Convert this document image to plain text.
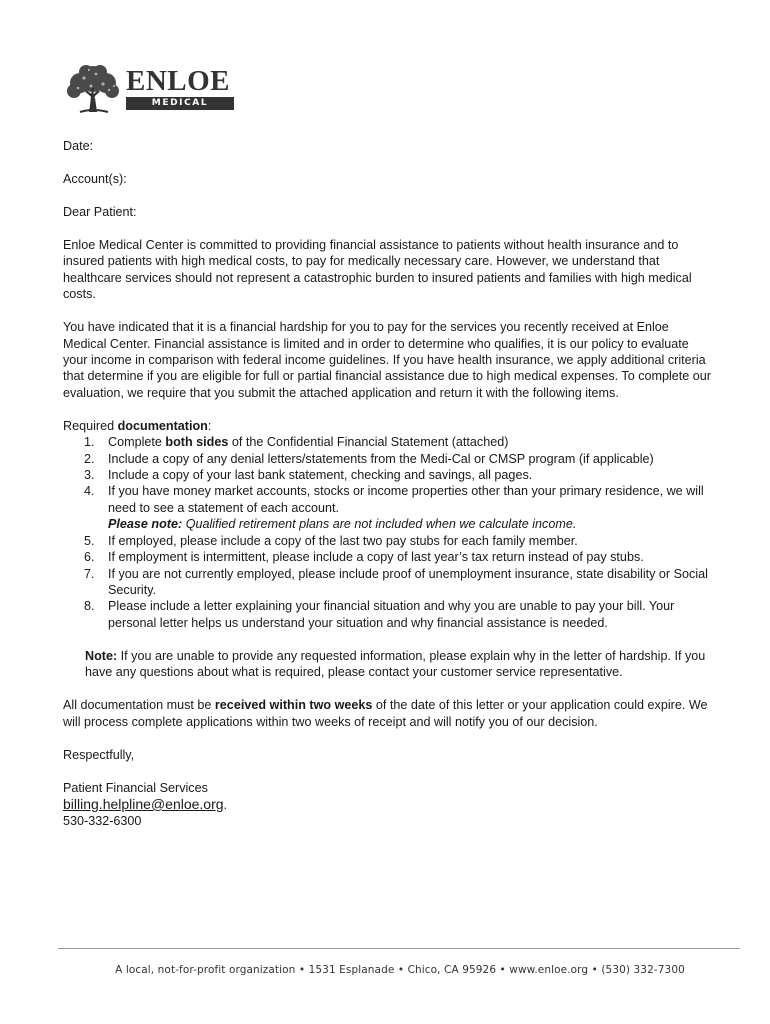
ENLOE
MEDICAL CENTER

Date:

Account(s):

Dear Patient:

Enloe Medical Center is committed to providing financial assistance to patients without health insurance and to insured patients with high medical costs, to pay for medically necessary care. However, we understand that healthcare services should not represent a catastrophic burden to insured patients and families with high medical costs.

You have indicated that it is a financial hardship for you to pay for the services you recently received at Enloe Medical Center. Financial assistance is limited and in order to determine who qualifies, it is our policy to evaluate your income in comparison with federal income guidelines. If you have health insurance, we apply additional criteria that determine if you are eligible for full or partial financial assistance due to high medical expenses. To complete our evaluation, we require that you submit the attached application and return it with the following items.

Required documentation:
1. Complete both sides of the Confidential Financial Statement (attached)
2. Include a copy of any denial letters/statements from the Medi-Cal or CMSP program (if applicable)
3. Include a copy of your last bank statement, checking and savings, all pages.
4. If you have money market accounts, stocks or income properties other than your primary residence, we will need to see a statement of each account.
Please note: Qualified retirement plans are not included when we calculate income.
5. If employed, please include a copy of the last two pay stubs for each family member.
6. If employment is intermittent, please include a copy of last year’s tax return instead of pay stubs.
7. If you are not currently employed, please include proof of unemployment insurance, state disability or Social Security.
8. Please include a letter explaining your financial situation and why you are unable to pay your bill. Your personal letter helps us understand your situation and why financial assistance is needed.

Note: If you are unable to provide any requested information, please explain why in the letter of hardship. If you have any questions about what is required, please contact your customer service representative.

All documentation must be received within two weeks of the date of this letter or your application could expire. We will process complete applications within two weeks of receipt and will notify you of our decision.

Respectfully,

Patient Financial Services
billing.helpline@enloe.org.
530-332-6300
A local, not-for-profit organization • 1531 Esplanade • Chico, CA 95926 • www.enloe.org • (530) 332-7300
